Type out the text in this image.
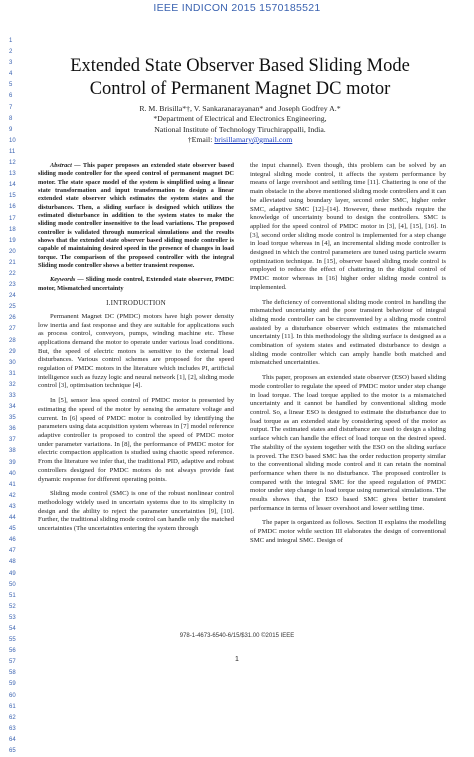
IEEE INDICON 2015 1570185521
1
2
3
4
5
6
7
8
9
10
11
12
13
14
15
16
17
18
19
20
21
22
23
24
25
26
27
28
29
30
31
32
33
34
35
36
37
38
39
40
41
42
43
44
45
46
47
48
49
50
51
52
53
54
55
56
57
58
59
60
61
62
63
64
65
Extended State Observer Based Sliding Mode
Control of Permanent Magnet DC motor
R. M. Brisilla*†, V. Sankaranarayanan* and Joseph Godfrey A.*
*Department of Electrical and Electronics Engineering,
National Institute of Technology Tiruchirappalli, India.
†Email: brisillamary@gmail.com

Abstract — This paper proposes an extended state observer based sliding mode controller for the speed control of permanent magnet DC motor. The state space model of the system is simplified using a linear state transformation and input transformation to design a linear extended state observer which estimates the system states and the disturbances. Then, a sliding surface is designed which utilizes the estimated disturbance in addition to the system states to make the sliding mode controller insensitive to the load variations. The proposed controller is validated through numerical simulations and the results shows that the extended state observer based sliding mode controller is capable of maintaining desired speed in the presence of changes in load torque. The comparison of the proposed controller with the integral Sliding mode controller shows a better transient response.

Keywords — Sliding mode control, Extended state observer, PMDC motor, Mismatched uncertainty

I.INTRODUCTION

Permanent Magnet DC (PMDC) motors have high power density low inertia and fast response and they are suitable for applications such as process control, conveyors, pumps, winding machine etc. These applications demand the motor to operate under various load conditions. But, the speed of electric motors is sensitive to the external load disturbances. Various control schemes are proposed for the speed regulation of PMDC motors in the literature which includes PI, artificial intelligence such as fuzzy logic and neural network [1], [2], sliding mode control [3], optimisation technique [4].

In [5], sensor less speed control of PMDC motor is presented by estimating the speed of the motor by sensing the armature voltage and current. In [6] speed of PMDC motor is controlled by identifying the parameters using data acquisition system whereas in [7] model reference adaptive controller is proposed to control the speed of PMDC motor under parameter variations. In [8], the performance of PMDC motor for electric compaction application is studied using chaotic speed reference. From the literature we infer that, the traditional PID, adaptive and robust controllers designed for PMDC motors do not always provide fast dynamic response for different operating points.

Sliding mode control (SMC) is one of the robust nonlinear control methodology widely used in uncertain systems due to its simplicity in design and the ability to reject the parameter uncertainties [9], [10]. Further, the traditional sliding mode control can handle only the matched uncertainties (The uncertainties entering the system through

the input channel). Even though, this problem can be solved by an integral sliding mode control, it affects the system performance by means of large overshoot and settling time [11]. Chattering is one of the main obstacle in the above mentioned sliding mode controllers and it can be alleviated using boundary layer, second order SMC, higher order SMC, adaptive SMC [12]–[14]. However, these methods require the knowledge of uncertainty bound to design the controllers. SMC is applied for the speed control of PMDC motor in [3], [4], [15], [16]. In [3], second order sliding mode control is implemented for a step change in load torque whereas in [4], an incremental sliding mode controller is designed in which the control parameters are tuned using particle swarm optimization technique. In [15], observer based sliding mode control is employed to reduce the effect of chattering in the digital control of PMDC motor whereas in [16] higher order sliding mode control is implemented.

The deficiency of conventional sliding mode control in handling the mismatched uncertainty and the poor transient behaviour of integral sliding mode controller can be circumvented by a sliding mode control assisted by a disturbance observer which estimates the mismatched uncertainty [11]. In this methodology the sliding surface is designed as a combination of system states and estimated disturbance to design a sliding mode controller which can amply handle both matched and mismatched uncertainties.

This paper, proposes an extended state observer (ESO) based sliding mode controller to regulate the speed of PMDC motor under step change in load torque. The load torque applied to the motor is a mismatched uncertainty and it cannot be handled by conventional sliding mode control. So, a linear ESO is designed to estimate the disturbance due to load torque as an extended state by considering speed of the motor as output. The estimated states and disturbance are used to design a sliding surface which can handle the effect of load torque on the desired speed. The stability of the system together with the ESO on the sliding surface is proved. The ESO based SMC has the order reduction property similar to the conventional sliding mode control and it can retain the nominal performance when there is no disturbance. The proposed controller is compared with the integral SMC for the speed regulation of PMDC motor under step change in load torque using numerical simulations. The results shows that, the ESO based SMC gives better transient performance in terms of lesser overshoot and lower settling time.

The paper is organized as follows. Section II explains the modelling of PMDC motor while section III elaborates the design of conventional SMC and integral SMC. Design of

978-1-4673-6540-6/15/$31.00 ©2015 IEEE
1
